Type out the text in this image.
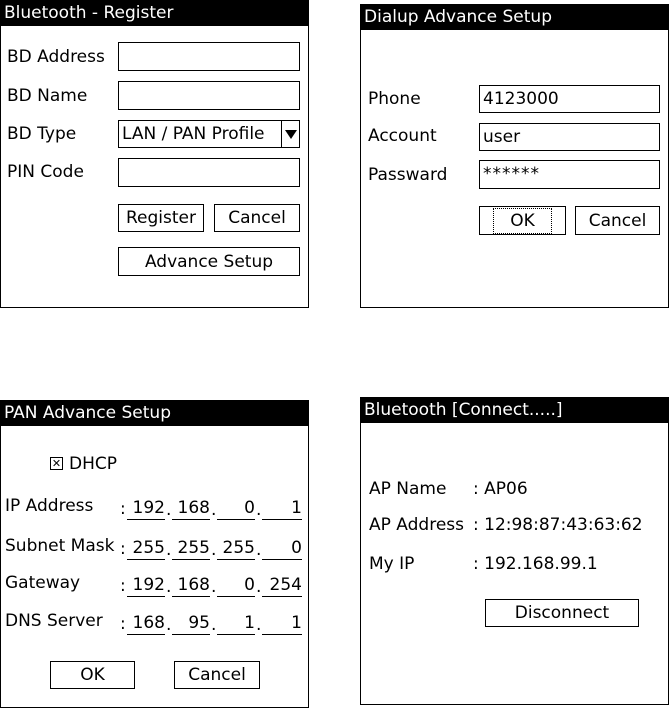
Bluetooth - Register
BD Address
BD Name
BD Type	LAN / PAN Profile
PIN Code
Register Cancel
Advance Setup
Dialup Advance Setup
Phone	4123000
Account	user
Passward ******
OK	Cancel
PAN Advance Setup
✕ DHCP
IP Address : 192 . 168 .	0 .	1
Subnet Mask : 255 . 255 . 255 .	0
Gateway : 192 . 168 .	0 . 254
DNS Server : 168 . 95 .	1 .	1
OK	Cancel
Bluetooth [Connect.....]
AP Name : AP06
AP Address : 12:98:87:43:63:62
My IP	: 192.168.99.1
Disconnect
